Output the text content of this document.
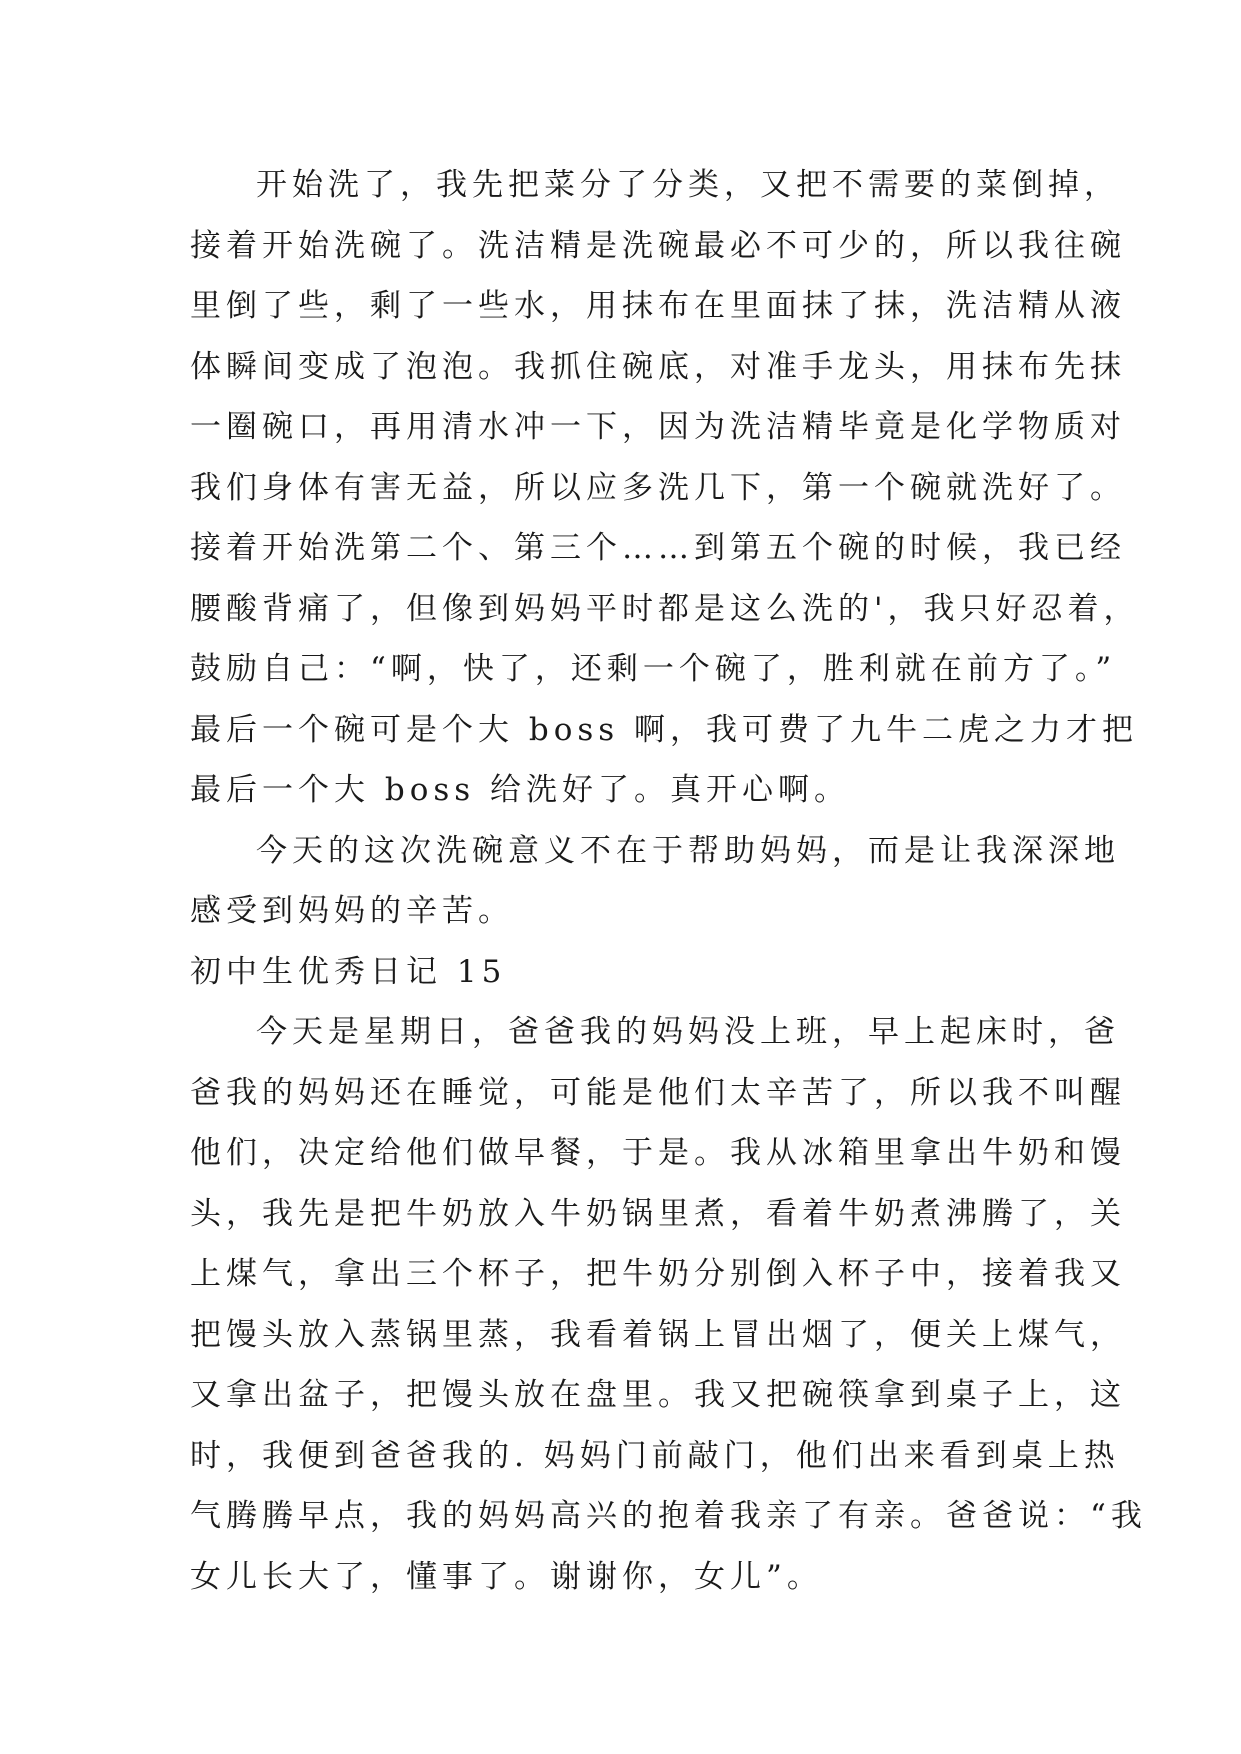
开始洗了，我先把菜分了分类，又把不需要的菜倒掉，
接着开始洗碗了。洗洁精是洗碗最必不可少的，所以我往碗
里倒了些，剩了一些水，用抹布在里面抹了抹，洗洁精从液
体瞬间变成了泡泡。我抓住碗底，对准手龙头，用抹布先抹
一圈碗口，再用清水冲一下，因为洗洁精毕竟是化学物质对
我们身体有害无益，所以应多洗几下，第一个碗就洗好了。
接着开始洗第二个、第三个……到第五个碗的时候，我已经
腰酸背痛了，但像到妈妈平时都是这么洗的'，我只好忍着，
鼓励自己：“啊，快了，还剩一个碗了，胜利就在前方了。”
最后一个碗可是个大 boss 啊，我可费了九牛二虎之力才把
最后一个大 boss 给洗好了。真开心啊。
今天的这次洗碗意义不在于帮助妈妈，而是让我深深地
感受到妈妈的辛苦。
初中生优秀日记 15
今天是星期日，爸爸我的妈妈没上班，早上起床时，爸
爸我的妈妈还在睡觉，可能是他们太辛苦了，所以我不叫醒
他们，决定给他们做早餐，于是。我从冰箱里拿出牛奶和馒
头，我先是把牛奶放入牛奶锅里煮，看着牛奶煮沸腾了，关
上煤气，拿出三个杯子，把牛奶分别倒入杯子中，接着我又
把馒头放入蒸锅里蒸，我看着锅上冒出烟了，便关上煤气，
又拿出盆子，把馒头放在盘里。我又把碗筷拿到桌子上，这
时，我便到爸爸我的. 妈妈门前敲门，他们出来看到桌上热
气腾腾早点，我的妈妈高兴的抱着我亲了有亲。爸爸说：“我
女儿长大了，懂事了。谢谢你，女儿”。
